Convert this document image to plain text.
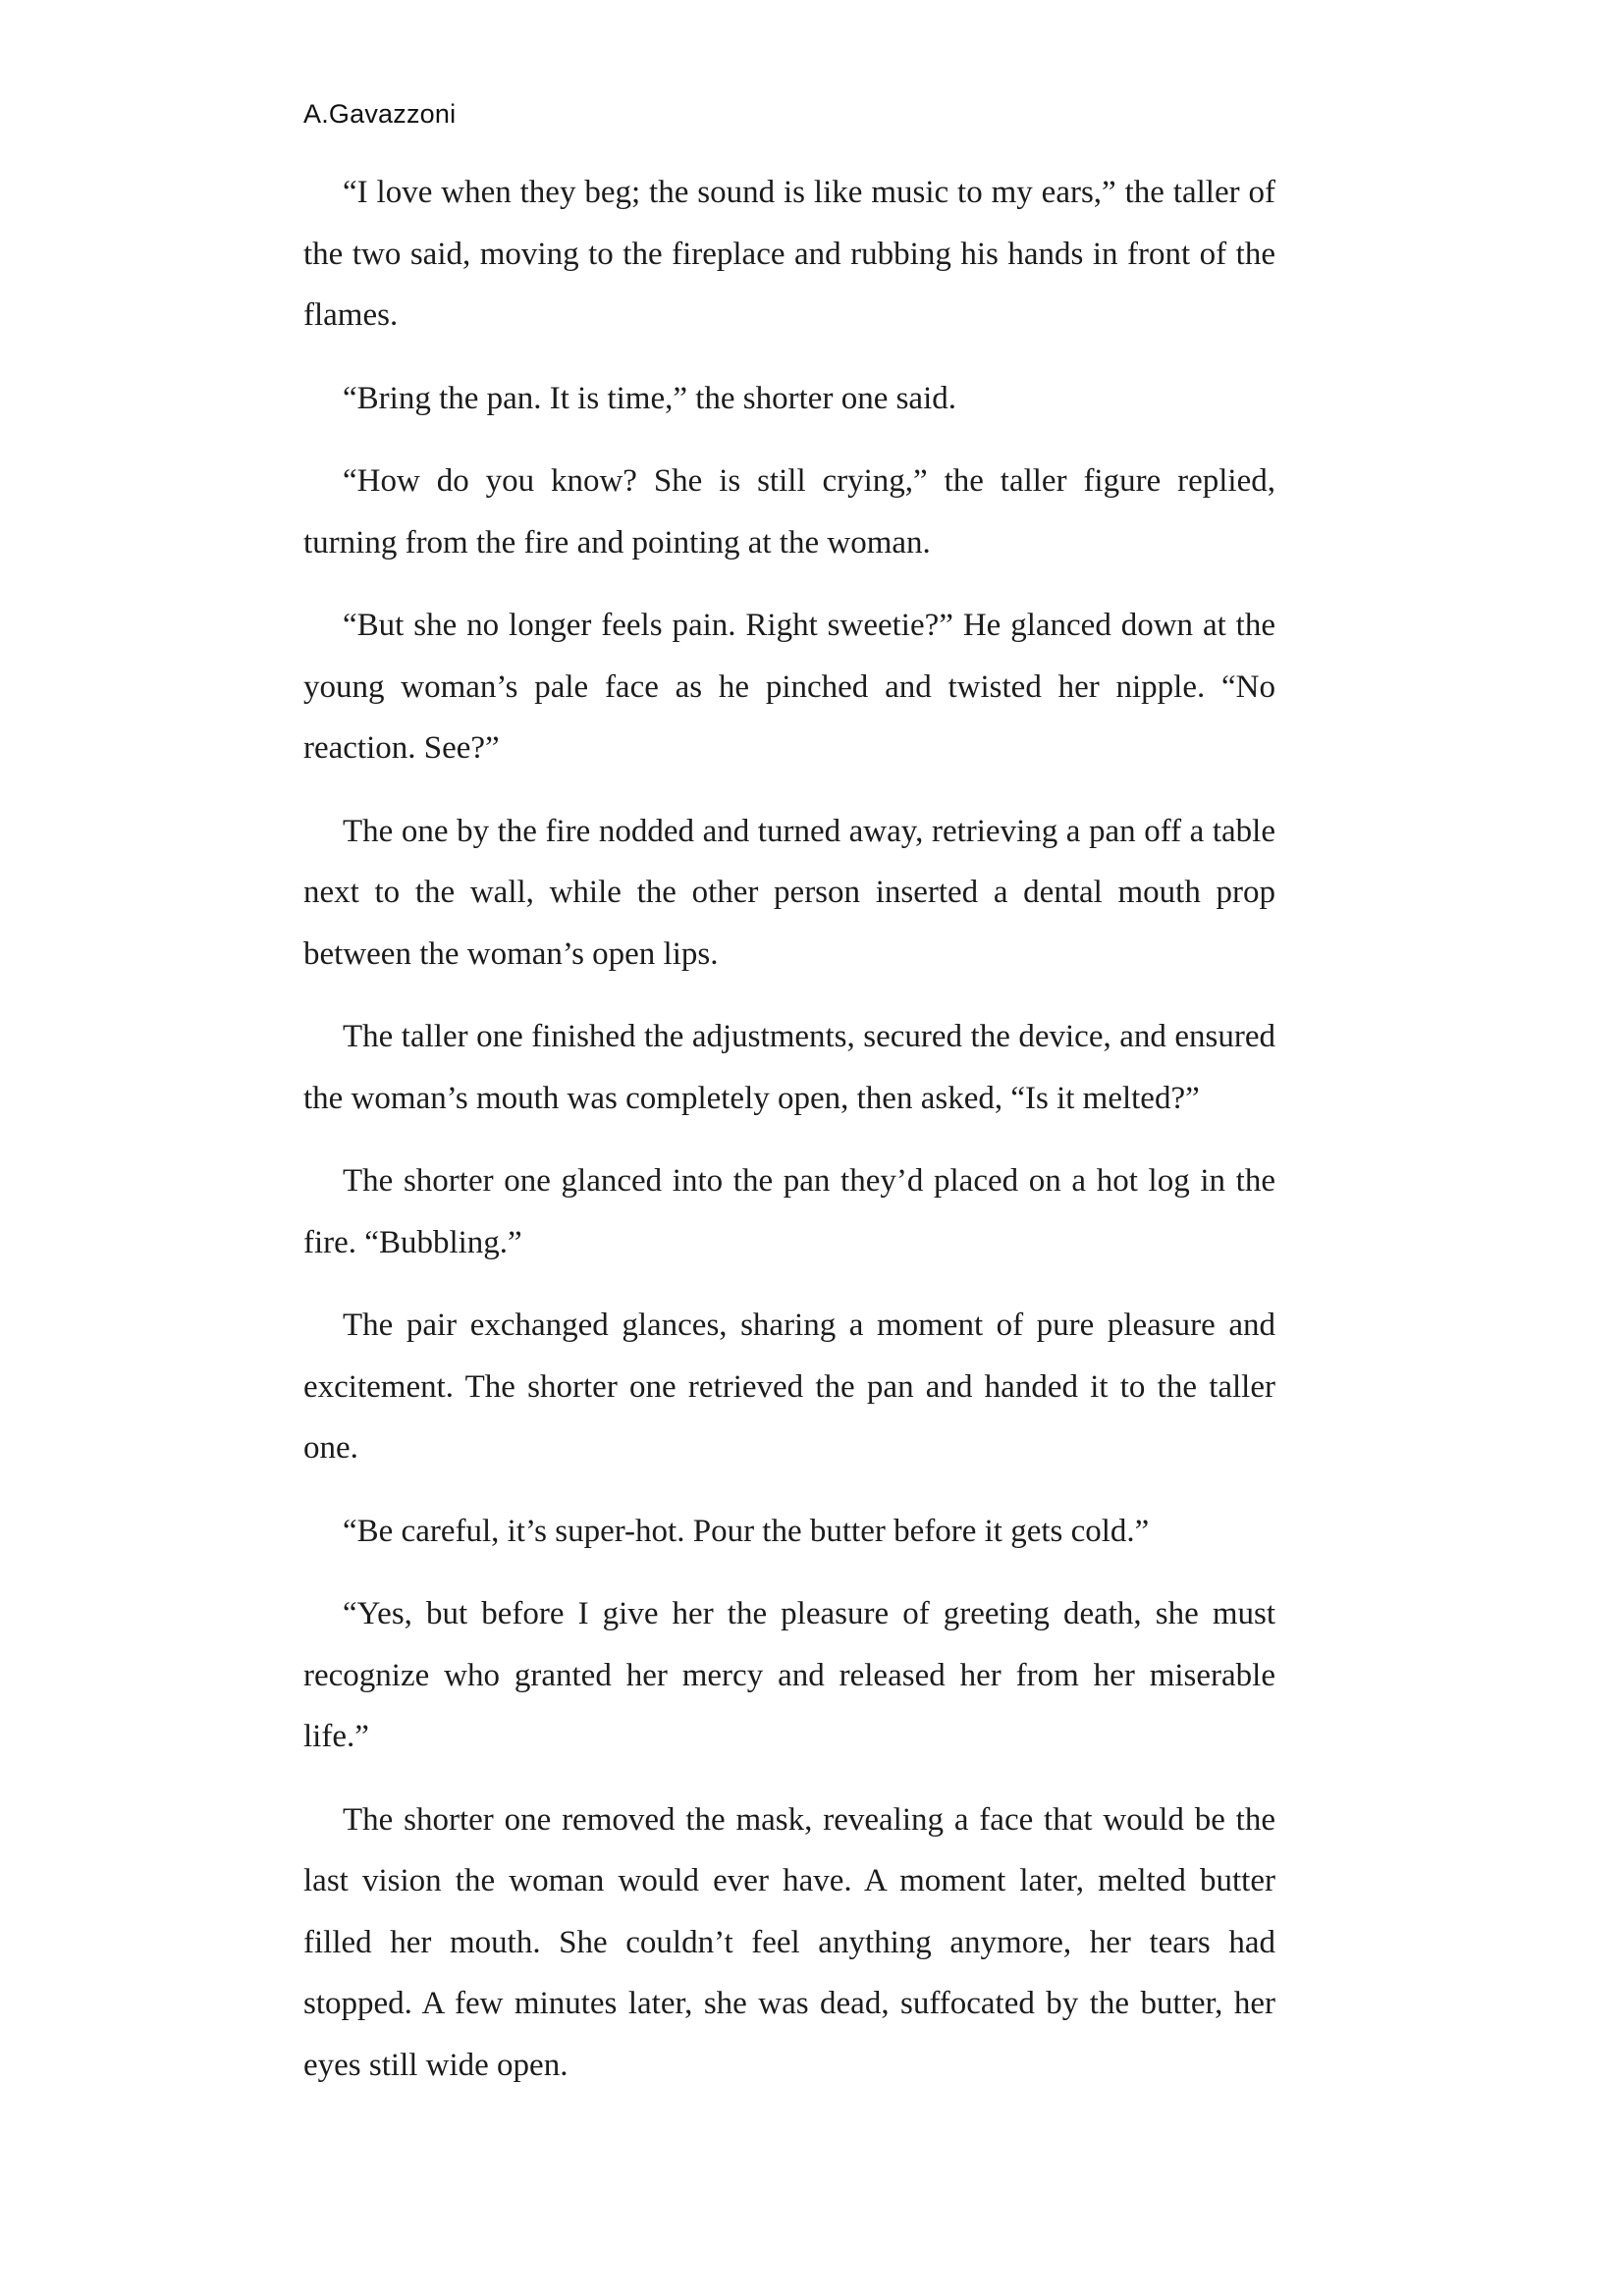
A.Gavazzoni

“I love when they beg; the sound is like music to my ears,” the taller of the two said, moving to the fireplace and rubbing his hands in front of the flames.

“Bring the pan. It is time,” the shorter one said.

“How do you know? She is still crying,” the taller figure replied, turning from the fire and pointing at the woman.

“But she no longer feels pain. Right sweetie?” He glanced down at the young woman’s pale face as he pinched and twisted her nipple. “No reaction. See?”

The one by the fire nodded and turned away, retrieving a pan off a table next to the wall, while the other person inserted a dental mouth prop between the woman’s open lips.

The taller one finished the adjustments, secured the device, and ensured the woman’s mouth was completely open, then asked, “Is it melted?”

The shorter one glanced into the pan they’d placed on a hot log in the fire. “Bubbling.”

The pair exchanged glances, sharing a moment of pure pleasure and excitement. The shorter one retrieved the pan and handed it to the taller one.

“Be careful, it’s super-hot. Pour the butter before it gets cold.”

“Yes, but before I give her the pleasure of greeting death, she must recognize who granted her mercy and released her from her miserable life.”

The shorter one removed the mask, revealing a face that would be the last vision the woman would ever have. A moment later, melted butter filled her mouth. She couldn’t feel anything anymore, her tears had stopped. A few minutes later, she was dead, suffocated by the butter, her eyes still wide open.
